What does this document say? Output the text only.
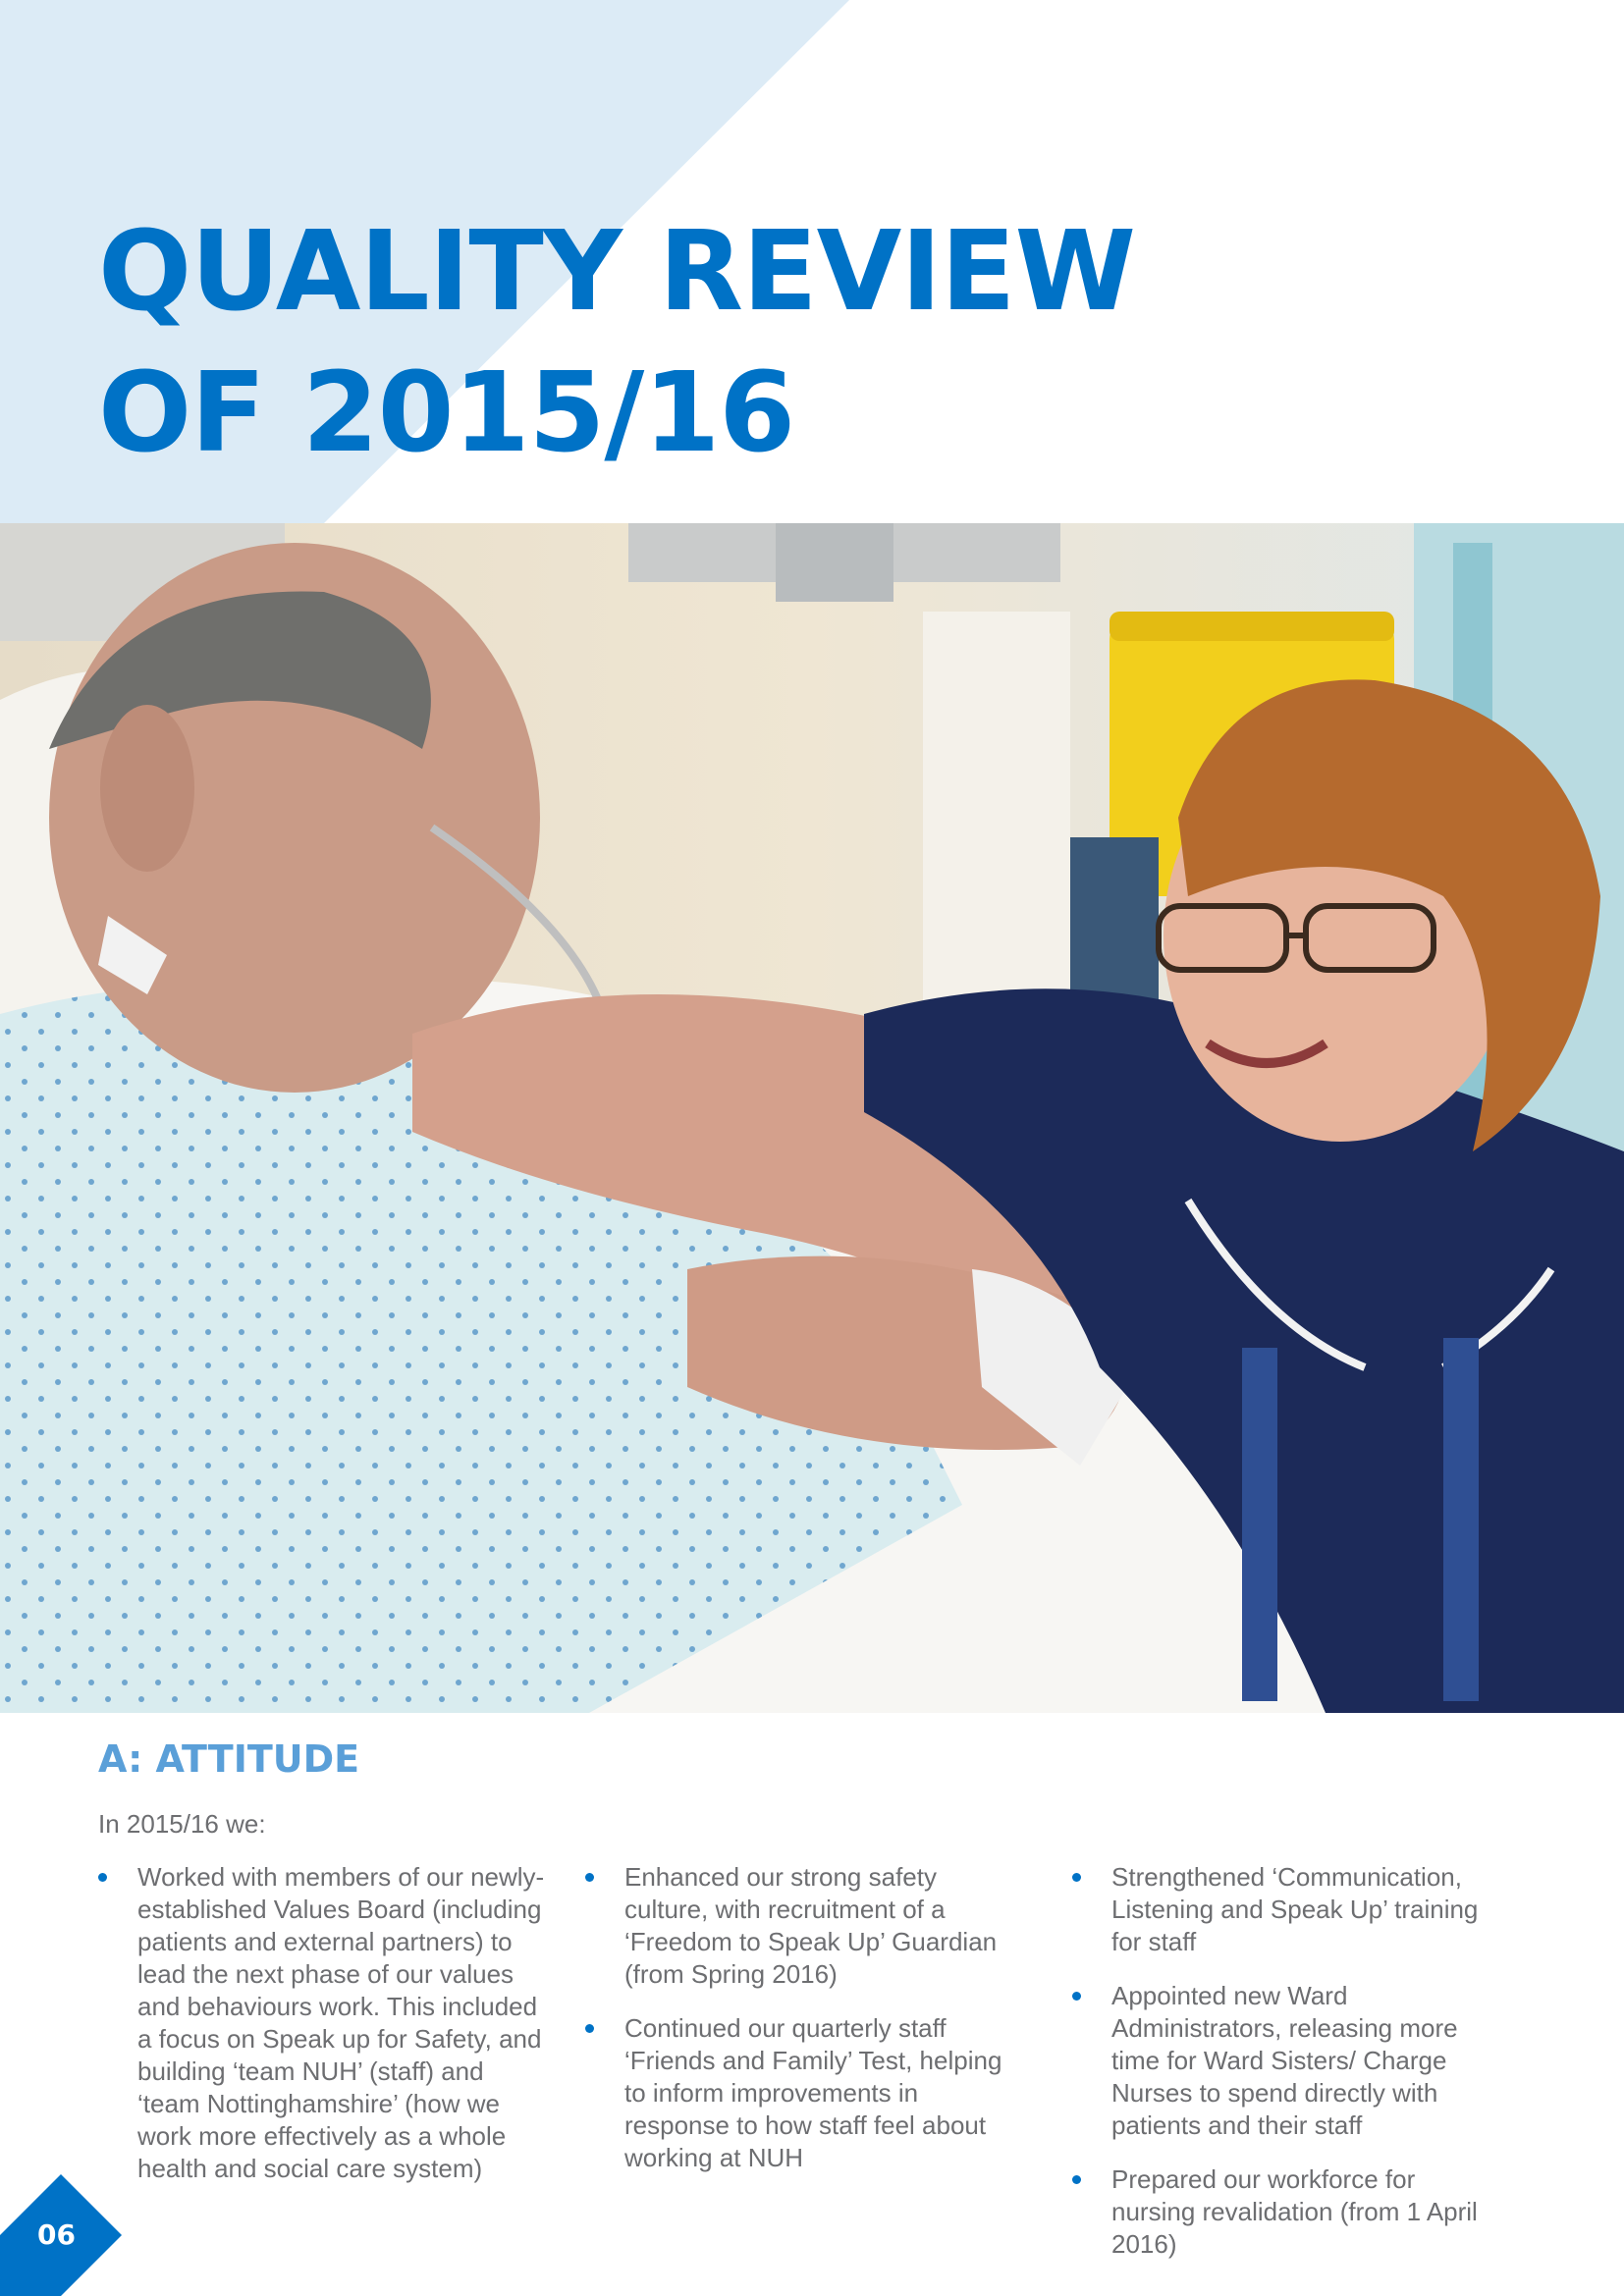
QUALITY REVIEW
OF 2015/16
A: ATTITUDE

In 2015/16 we:

Worked with members of our newly-established Values Board (including patients and external partners) to lead the next phase of our values and behaviours work. This included a focus on Speak up for Safety, and building ‘team NUH’ (staff) and ‘team Nottinghamshire’ (how we work more effectively as a whole health and social care system)
Enhanced our strong safety culture, with recruitment of a ‘Freedom to Speak Up’ Guardian (from Spring 2016)
Continued our quarterly staff ‘Friends and Family’ Test, helping to inform improvements in response to how staff feel about working at NUH
Strengthened ‘Communication, Listening and Speak Up’ training for staff
Appointed new Ward Administrators, releasing more time for Ward Sisters/ Charge Nurses to spend directly with patients and their staff
Prepared our workforce for nursing revalidation (from 1 April 2016)

06
